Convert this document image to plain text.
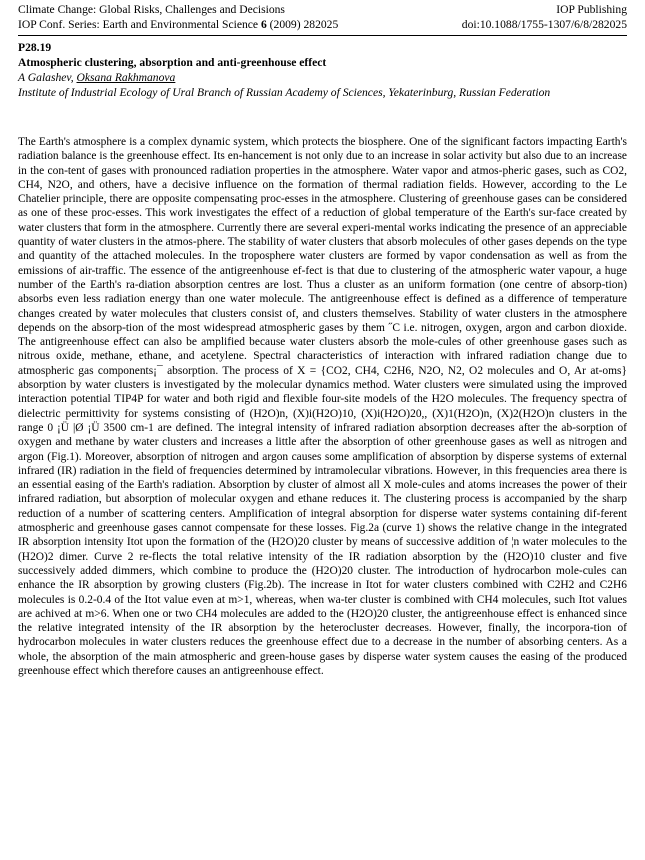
Climate Change: Global Risks, Challenges and Decisions	IOP Publishing
IOP Conf. Series: Earth and Environmental Science 6 (2009) 282025	doi:10.1088/1755-1307/6/8/282025
P28.19
Atmospheric clustering, absorption and anti-greenhouse effect
A Galashev, Oksana Rakhmanova
Institute of Industrial Ecology of Ural Branch of Russian Academy of Sciences, Yekaterinburg, Russian Federation

The Earth's atmosphere is a complex dynamic system, which protects the biosphere. One of the significant factors impacting Earth's radiation balance is the greenhouse effect. Its en-hancement is not only due to an increase in solar activity but also due to an increase in the con-tent of gases with pronounced radiation properties in the atmosphere. Water vapor and atmos-pheric gases, such as CO2, CH4, N2O, and others, have a decisive influence on the formation of thermal radiation fields. However, according to the Le Chatelier principle, there are opposite compensating proc-esses in the atmosphere. Clustering of greenhouse gases can be considered as one of these proc-esses. This work investigates the effect of a reduction of global temperature of the Earth's sur-face created by water clusters that form in the atmosphere. Currently there are several experi-mental works indicating the presence of an appreciable quantity of water clusters in the atmos-phere. The stability of water clusters that absorb molecules of other gases depends on the type and quantity of the attached molecules. In the troposphere water clusters are formed by vapor condensation as well as from the emissions of air-traffic. The essence of the antigreenhouse ef-fect is that due to clustering of the atmospheric water vapour, a huge number of the Earth's ra-diation absorption centres are lost. Thus a cluster as an uniform formation (one centre of absorp-tion) absorbs even less radiation energy than one water molecule. The antigreenhouse effect is defined as a difference of temperature changes created by water molecules that clusters consist of, and clusters themselves. Stability of water clusters in the atmosphere depends on the absorp-tion of the most widespread atmospheric gases by them ˝C i.e. nitrogen, oxygen, argon and carbon dioxide. The antigreenhouse effect can also be amplified because water clusters absorb the mole-cules of other greenhouse gases such as nitrous oxide, methane, ethane, and acetylene. Spectral characteristics of interaction with infrared radiation change due to atmospheric gas components¡¯ absorption. The process of X = {CO2, CH4, C2H6, N2O, N2, O2 molecules and O, Ar at-oms} absorption by water clusters is investigated by the molecular dynamics method. Water clusters were simulated using the improved interaction potential TIP4P for water and both rigid and flexible four-site models of the H2O molecules. The frequency spectra of dielectric permittivity for systems consisting of (H2O)n, (X)i(H2O)10, (X)i(H2O)20,, (X)1(H2O)n, (X)2(H2O)n clusters in the range 0 ¡Ü |Ø ¡Ü 3500 cm-1 are defined. The integral intensity of infrared radiation absorption decreases after the ab-sorption of oxygen and methane by water clusters and increases a little after the absorption of other greenhouse gases as well as nitrogen and argon (Fig.1). Moreover, absorption of nitrogen and argon causes some amplification of absorption by disperse systems of external infrared (IR) radiation in the field of frequencies determined by intramolecular vibrations. However, in this frequencies area there is an essential easing of the Earth's radiation. Absorption by cluster of almost all X mole-cules and atoms increases the power of their infrared radiation, but absorption of molecular oxygen and ethane reduces it. The clustering process is accompanied by the sharp reduction of a number of scattering centers. Amplification of integral absorption for disperse water systems containing dif-ferent atmospheric and greenhouse gases cannot compensate for these losses. Fig.2a (curve 1) shows the relative change in the integrated IR absorption intensity Itot upon the formation of the (H2O)20 cluster by means of successive addition of ¦n water molecules to the (H2O)2 dimer. Curve 2 re-flects the total relative intensity of the IR radiation absorption by the (H2O)10 cluster and five successively added dimmers, which combine to produce the (H2O)20 cluster. The introduction of hydrocarbon mole-cules can enhance the IR absorption by growing clusters (Fig.2b). The increase in Itot for water clusters combined with C2H2 and C2H6 molecules is 0.2-0.4 of the Itot value even at m>1, whereas, when wa-ter cluster is combined with CH4 molecules, such Itot values are achived at m>6. When one or two CH4 molecules are added to the (H2O)20 cluster, the antigreenhouse effect is enhanced since the relative integrated intensity of the IR absorption by the heterocluster decreases. However, finally, the incorpora-tion of hydrocarbon molecules in water clusters reduces the greenhouse effect due to a decrease in the number of absorbing centers. As a whole, the absorption of the main atmospheric and green-house gases by disperse water system causes the easing of the produced greenhouse effect which therefore causes an antigreenhouse effect.
